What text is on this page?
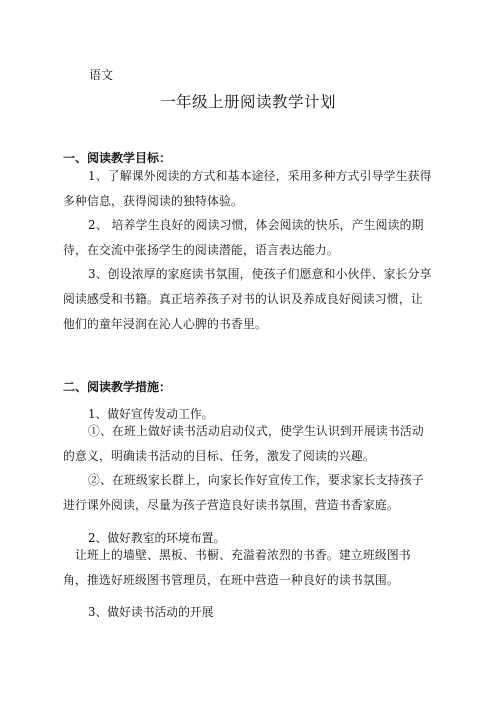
语文
一年级上册阅读教学计划
一、阅读教学目标：
1、了解课外阅读的方式和基本途径，采用多种方式引导学生获得多种信息，获得阅读的独特体验。
2、 培养学生良好的阅读习惯，体会阅读的快乐，产生阅读的期待，在交流中张扬学生的阅读潜能，语言表达能力。
3、创设浓厚的家庭读书氛围，使孩子们愿意和小伙伴、家长分享阅读感受和书籍。真正培养孩子对书的认识及养成良好阅读习惯，让他们的童年浸润在沁人心脾的书香里。
二、阅读教学措施：
1、做好宣传发动工作。
①、在班上做好读书活动启动仪式，使学生认识到开展读书活动的意义，明确读书活动的目标、任务，激发了阅读的兴趣。
②、在班级家长群上，向家长作好宣传工作，要求家长支持孩子进行课外阅读，尽量为孩子营造良好读书氛围，营造书香家庭。
2、做好教室的环境布置。
让班上的墙壁、黑板、书橱、充溢着浓烈的书香。建立班级图书角，推选好班级图书管理员，在班中营造一种良好的读书氛围。
3、做好读书活动的开展
